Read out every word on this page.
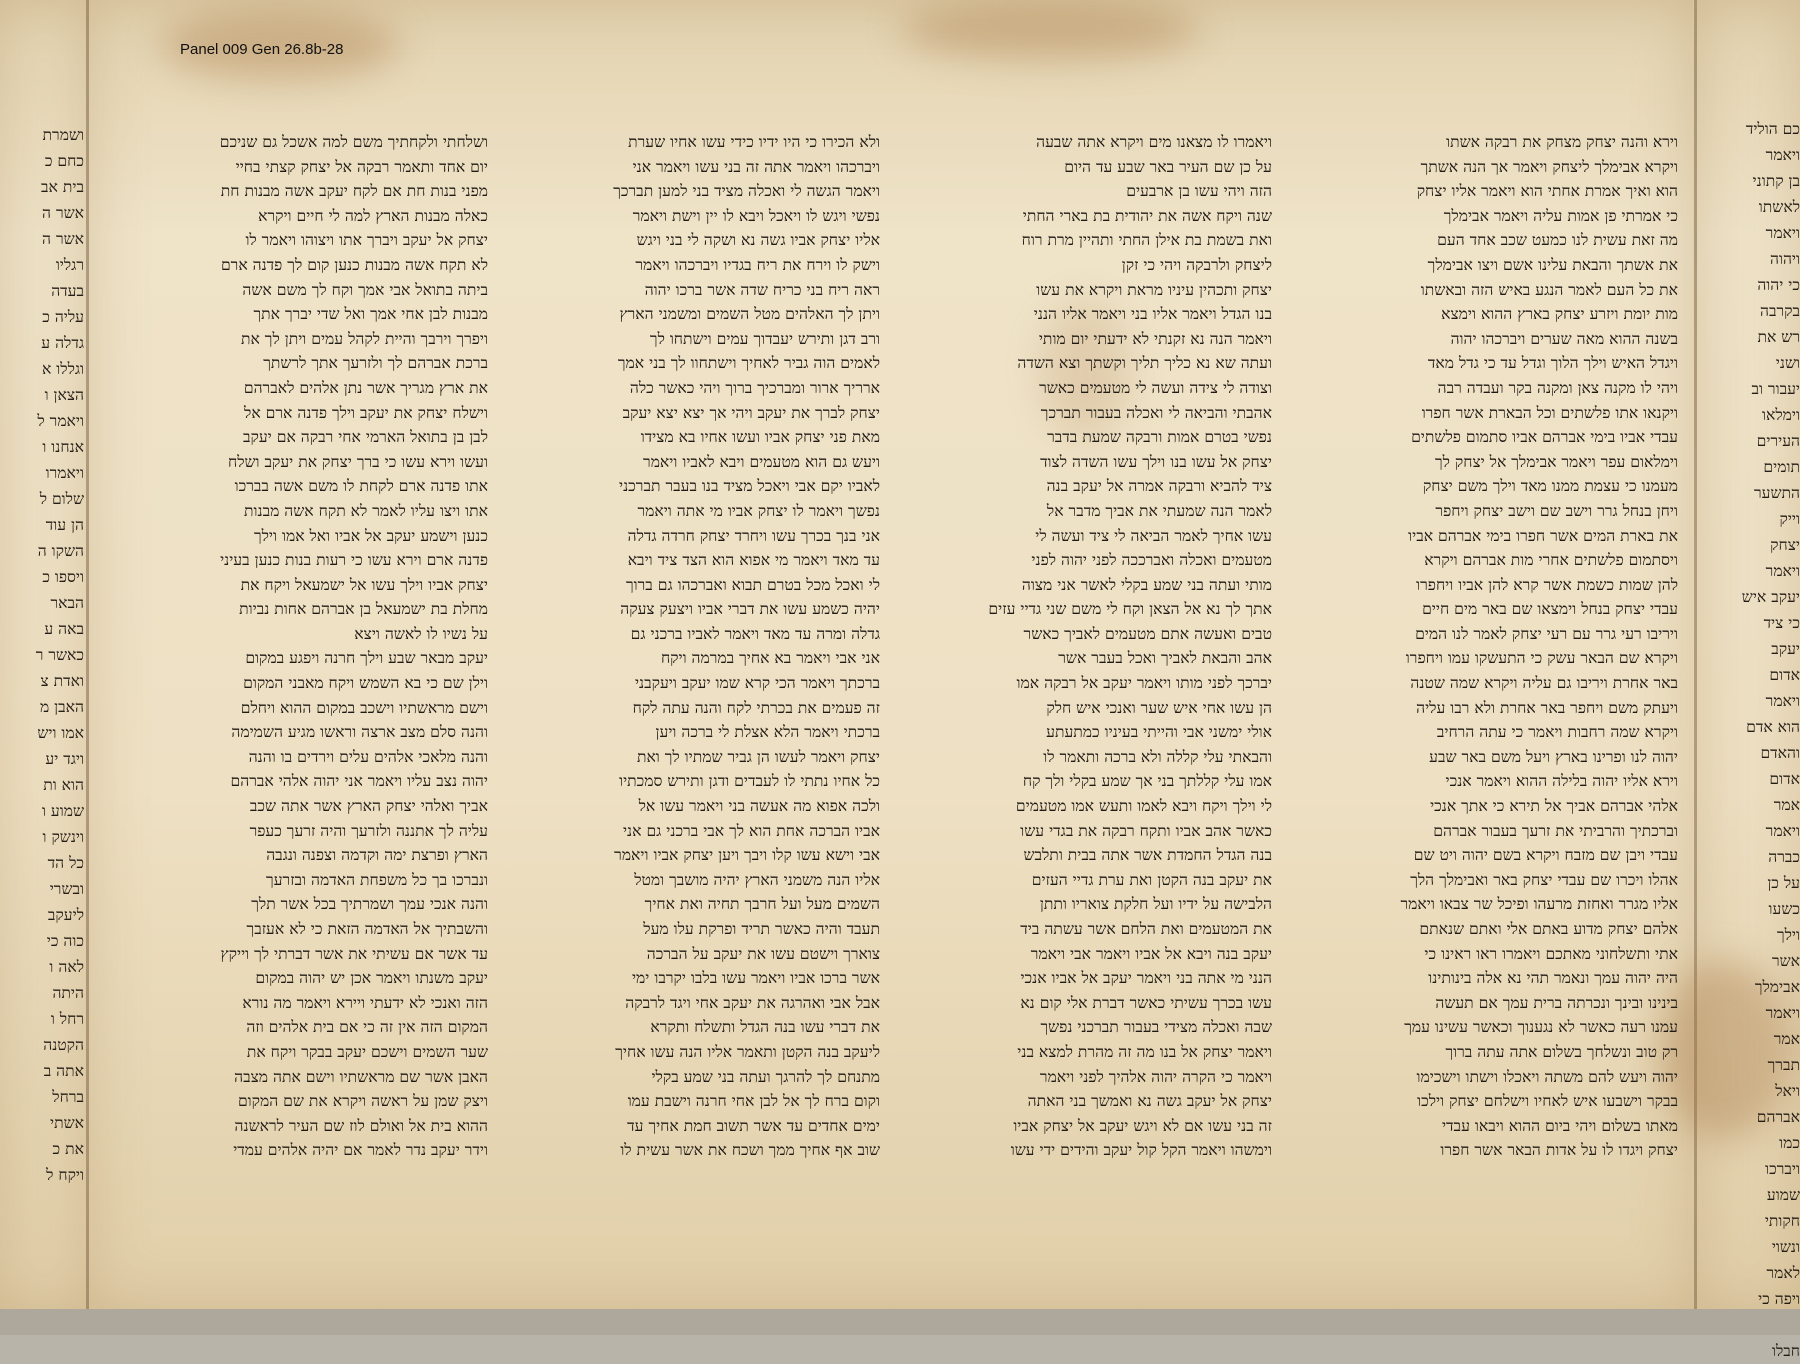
Panel 009 Gen 26.8b-28
ושמרת
כחם כ
בית אב
אשר ה
אשר ה
רגליו
בעדה
עליה כ
גדלה ע
וגללו א
הצאן ו
ויאמר ל
אנחנו ו
ויאמרו
שלום ל
הן עוד
השקו ה
ויספו כ
הבאר
באה ע
כאשר ר
ואדת צ
האבן מ
אמו ויש
ויגד יע
הוא ות
שמוע ו
וינשק ו
כל הד
ובשרי
ליעקב
כוה כי
לאה ו
היתה
רחל ו
הקטנה
אתה ב
ברחל
אשתי
את כ
ויקח ל
וירא והנה יצחק מצחק את רבקה אשתו
ויקרא אבימלך ליצחק ויאמר אך הנה אשתך
הוא ואיך אמרת אחתי הוא ויאמר אליו יצחק
כי אמרתי פן אמות עליה ויאמר אבימלך
מה זאת עשית לנו כמעט שכב אחד העם
את אשתך והבאת עלינו אשם ויצו אבימלך
את כל העם לאמר הנגע באיש הזה ובאשתו
מות יומת ויזרע יצחק בארץ ההוא וימצא
בשנה ההוא מאה שערים ויברכהו יהוה
ויגדל האיש וילך הלוך וגדל עד כי גדל מאד
ויהי לו מקנה צאן ומקנה בקר ועבדה רבה
ויקנאו אתו פלשתים וכל הבארת אשר חפרו
עבדי אביו בימי אברהם אביו סתמום פלשתים
וימלאום עפר ויאמר אבימלך אל יצחק לך
מעמנו כי עצמת ממנו מאד וילך משם יצחק
ויחן בנחל גרר וישב שם וישב יצחק ויחפר
את בארת המים אשר חפרו בימי אברהם אביו
ויסתמום פלשתים אחרי מות אברהם ויקרא
להן שמות כשמת אשר קרא להן אביו ויחפרו
עבדי יצחק בנחל וימצאו שם באר מים חיים
ויריבו רעי גרר עם רעי יצחק לאמר לנו המים
ויקרא שם הבאר עשק כי התעשקו עמו ויחפרו
באר אחרת ויריבו גם עליה ויקרא שמה שטנה
ויעתק משם ויחפר באר אחרת ולא רבו עליה
ויקרא שמה רחבות ויאמר כי עתה הרחיב
יהוה לנו ופרינו בארץ ויעל משם באר שבע
וירא אליו יהוה בלילה ההוא ויאמר אנכי
אלהי אברהם אביך אל תירא כי אתך אנכי
וברכתיך והרביתי את זרעך בעבור אברהם
עבדי ויבן שם מזבח ויקרא בשם יהוה ויט שם
אהלו ויכרו שם עבדי יצחק באר ואבימלך הלך
אליו מגרר ואחזת מרעהו ופיכל שר צבאו ויאמר
אלהם יצחק מדוע באתם אלי ואתם שנאתם
אתי ותשלחוני מאתכם ויאמרו ראו ראינו כי
היה יהוה עמך ונאמר תהי נא אלה בינותינו
בינינו ובינך ונכרתה ברית עמך אם תעשה
עמנו רעה כאשר לא נגענוך וכאשר עשינו עמך
רק טוב ונשלחך בשלום אתה עתה ברוך
יהוה ויעש להם משתה ויאכלו וישתו וישכימו
בבקר וישבעו איש לאחיו וישלחם יצחק וילכו
מאתו בשלום ויהי ביום ההוא ויבאו עבדי
יצחק ויגדו לו על אדות הבאר אשר חפרו
ויאמרו לו מצאנו מים ויקרא אתה שבעה
על כן שם העיר באר שבע עד היום
הזה ויהי עשו בן ארבעים
שנה ויקח אשה את יהודית בת בארי החתי
ואת בשמת בת אילן החתי ותהיין מרת רוח
ליצחק ולרבקה ויהי כי זקן
יצחק ותכהין עיניו מראת ויקרא את עשו
בנו הגדל ויאמר אליו בני ויאמר אליו הנני
ויאמר הנה נא זקנתי לא ידעתי יום מותי
ועתה שא נא כליך תליך וקשתך וצא השדה
וצודה לי צידה ועשה לי מטעמים כאשר
אהבתי והביאה לי ואכלה בעבור תברכך
נפשי בטרם אמות ורבקה שמעת בדבר
יצחק אל עשו בנו וילך עשו השדה לצוד
ציד להביא ורבקה אמרה אל יעקב בנה
לאמר הנה שמעתי את אביך מדבר אל
עשו אחיך לאמר הביאה לי ציד ועשה לי
מטעמים ואכלה ואברככה לפני יהוה לפני
מותי ועתה בני שמע בקלי לאשר אני מצוה
אתך לך נא אל הצאן וקח לי משם שני גדיי עזים
טבים ואעשה אתם מטעמים לאביך כאשר
אהב והבאת לאביך ואכל בעבר אשר
יברכך לפני מותו ויאמר יעקב אל רבקה אמו
הן עשו אחי איש שער ואנכי איש חלק
אולי ימשני אבי והייתי בעיניו כמתעתע
והבאתי עלי קללה ולא ברכה ותאמר לו
אמו עלי קללתך בני אך שמע בקלי ולך קח
לי וילך ויקח ויבא לאמו ותעש אמו מטעמים
כאשר אהב אביו ותקח רבקה את בגדי עשו
בנה הגדל החמדת אשר אתה בבית ותלבש
את יעקב בנה הקטן ואת ערת גדיי העזים
הלבישה על ידיו ועל חלקת צואריו ותתן
את המטעמים ואת הלחם אשר עשתה ביד
יעקב בנה ויבא אל אביו ויאמר אבי ויאמר
הנני מי אתה בני ויאמר יעקב אל אביו אנכי
עשו בכרך עשיתי כאשר דברת אלי קום נא
שבה ואכלה מצידי בעבור תברכני נפשך
ויאמר יצחק אל בנו מה זה מהרת למצא בני
ויאמר כי הקרה יהוה אלהיך לפני ויאמר
יצחק אל יעקב גשה נא ואמשך בני האתה
זה בני עשו אם לא ויגש יעקב אל יצחק אביו
וימשהו ויאמר הקל קול יעקב והידים ידי עשו
ולא הכירו כי היו ידיו כידי עשו אחיו שערת
ויברכהו ויאמר אתה זה בני עשו ויאמר אני
ויאמר הגשה לי ואכלה מציד בני למען תברכך
נפשי ויגש לו ויאכל ויבא לו יין וישת ויאמר
אליו יצחק אביו גשה נא ושקה לי בני ויגש
וישק לו וירח את ריח בגדיו ויברכהו ויאמר
ראה ריח בני כריח שדה אשר ברכו יהוה
ויתן לך האלהים מטל השמים ומשמני הארץ
ורב דגן ותירש יעבדוך עמים וישתחו לך
לאמים הוה גביר לאחיך וישתחוו לך בני אמך
ארריך ארור ומברכיך ברוך ויהי כאשר כלה
יצחק לברך את יעקב ויהי אך יצא יצא יעקב
מאת פני יצחק אביו ועשו אחיו בא מצידו
ויעש גם הוא מטעמים ויבא לאביו ויאמר
לאביו יקם אבי ויאכל מציד בנו בעבר תברכני
נפשך ויאמר לו יצחק אביו מי אתה ויאמר
אני בנך בכרך עשו ויחרד יצחק חרדה גדלה
עד מאד ויאמר מי אפוא הוא הצד ציד ויבא
לי ואכל מכל בטרם תבוא ואברכהו גם ברוך
יהיה כשמע עשו את דברי אביו ויצעק צעקה
גדלה ומרה עד מאד ויאמר לאביו ברכני גם
אני אבי ויאמר בא אחיך במרמה ויקח
ברכתך ויאמר הכי קרא שמו יעקב ויעקבני
זה פעמים את בכרתי לקח והנה עתה לקח
ברכתי ויאמר הלא אצלת לי ברכה ויען
יצחק ויאמר לעשו הן גביר שמתיו לך ואת
כל אחיו נתתי לו לעבדים ודגן ותירש סמכתיו
ולכה אפוא מה אעשה בני ויאמר עשו אל
אביו הברכה אחת הוא לך אבי ברכני גם אני
אבי וישא עשו קלו ויבך ויען יצחק אביו ויאמר
אליו הנה משמני הארץ יהיה מושבך ומטל
השמים מעל ועל חרבך תחיה ואת אחיך
תעבד והיה כאשר תריד ופרקת עלו מעל
צוארך וישטם עשו את יעקב על הברכה
אשר ברכו אביו ויאמר עשו בלבו יקרבו ימי
אבל אבי ואהרגה את יעקב אחי ויגד לרבקה
את דברי עשו בנה הגדל ותשלח ותקרא
ליעקב בנה הקטן ותאמר אליו הנה עשו אחיך
מתנחם לך להרגך ועתה בני שמע בקלי
וקום ברח לך אל לבן אחי חרנה וישבת עמו
ימים אחדים עד אשר תשוב חמת אחיך עד
שוב אף אחיך ממך ושכח את אשר עשית לו
ושלחתי ולקחתיך משם למה אשכל גם שניכם
יום אחד ותאמר רבקה אל יצחק קצתי בחיי
מפני בנות חת אם לקח יעקב אשה מבנות חת
כאלה מבנות הארץ למה לי חיים ויקרא
יצחק אל יעקב ויברך אתו ויצוהו ויאמר לו
לא תקח אשה מבנות כנען קום לך פדנה ארם
ביתה בתואל אבי אמך וקח לך משם אשה
מבנות לבן אחי אמך ואל שדי יברך אתך
ויפרך וירבך והיית לקהל עמים ויתן לך את
ברכת אברהם לך ולזרעך אתך לרשתך
את ארץ מגריך אשר נתן אלהים לאברהם
וישלח יצחק את יעקב וילך פדנה ארם אל
לבן בן בתואל הארמי אחי רבקה אם יעקב
ועשו וירא עשו כי ברך יצחק את יעקב ושלח
אתו פדנה ארם לקחת לו משם אשה בברכו
אתו ויצו עליו לאמר לא תקח אשה מבנות
כנען וישמע יעקב אל אביו ואל אמו וילך
פדנה ארם וירא עשו כי רעות בנות כנען בעיני
יצחק אביו וילך עשו אל ישמעאל ויקח את
מחלת בת ישמעאל בן אברהם אחות נביות
על נשיו לו לאשה ויצא
יעקב מבאר שבע וילך חרנה ויפגע במקום
וילן שם כי בא השמש ויקח מאבני המקום
וישם מראשתיו וישכב במקום ההוא ויחלם
והנה סלם מצב ארצה וראשו מגיע השמימה
והנה מלאכי אלהים עלים וירדים בו והנה
יהוה נצב עליו ויאמר אני יהוה אלהי אברהם
אביך ואלהי יצחק הארץ אשר אתה שכב
עליה לך אתננה ולזרעך והיה זרעך כעפר
הארץ ופרצת ימה וקדמה וצפנה ונגבה
ונברכו בך כל משפחת האדמה ובזרעך
והנה אנכי עמך ושמרתיך בכל אשר תלך
והשבתיך אל האדמה הזאת כי לא אעזבך
עד אשר אם עשיתי את אשר דברתי לך וייקץ
יעקב משנתו ויאמר אכן יש יהוה במקום
הזה ואנכי לא ידעתי ויירא ויאמר מה נורא
המקום הזה אין זה כי אם בית אלהים וזה
שער השמים וישכם יעקב בבקר ויקח את
האבן אשר שם מראשתיו וישם אתה מצבה
ויצק שמן על ראשה ויקרא את שם המקום
ההוא בית אל ואולם לוז שם העיר לראשנה
וידר יעקב נדר לאמר אם יהיה אלהים עמדי
כם הוליד
ויאמר
בן קתוני
לאשתו
ויאמר
ויהוה
כי יהוה
בקרבה
רש את
ושני
יעבור וב
וימלאו
העירים
תומים
התשער
וייק
יצחק
ויאמר
יעקב איש
כי ציד
יעקב
אדום
ויאמר
הוא אדם
והאדם
אדום
אמר
ויאמר
כברה
על כן
כשעו
וילך
אשר
אבימלך
ויאמר
אמר
תברך
ויאל
אברהם
כמו
ויברכו
שמוע
חקותי
ונשוי
לאמר
ויפה כי
חבלו
